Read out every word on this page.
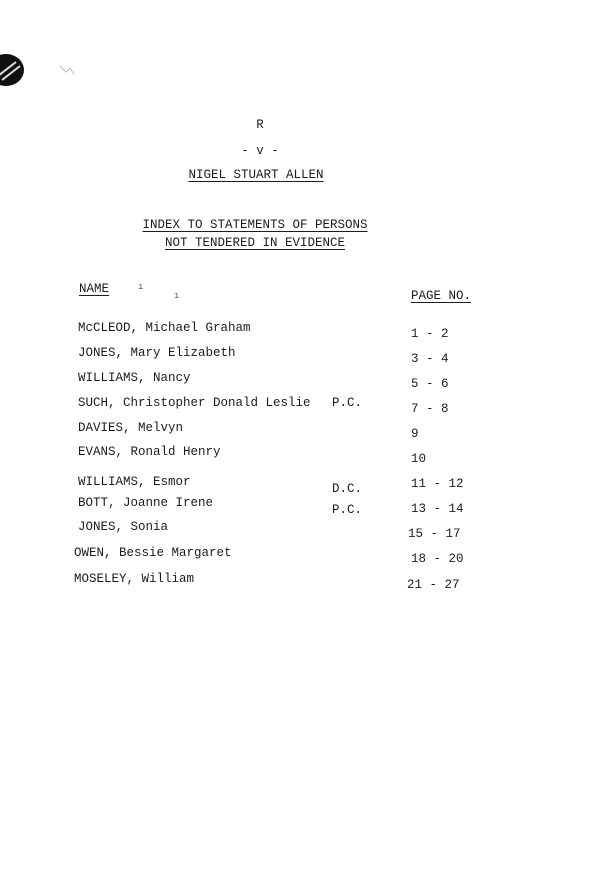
R
- v -
NIGEL STUART ALLEN
INDEX TO STATEMENTS OF PERSONS
NOT TENDERED IN EVIDENCE
NAME	ı
ı	PAGE NO.
McCLEOD, Michael Graham	1 - 2
JONES, Mary Elizabeth	3 - 4
WILLIAMS, Nancy	5 - 6
SUCH, Christopher Donald Leslie P.C.	7 - 8
DAVIES, Melvyn	9
EVANS, Ronald Henry	10
WILLIAMS, Esmor	D.C.	11 - 12
BOTT, Joanne Irene	P.C.	13 - 14
JONES, Sonia	15 - 17
OWEN, Bessie Margaret	18 - 20
MOSELEY, William	21 - 27
